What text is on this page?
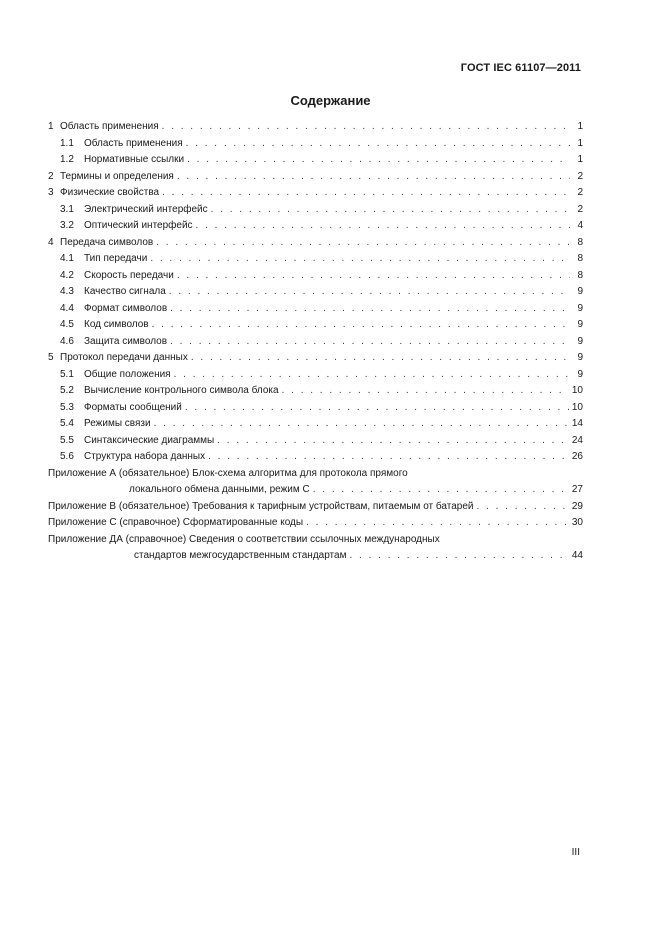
ГОСТ IEC 61107—2011
Содержание
1 Область применения . . .	1
1.1	Область применения . . .	1
1.2	Нормативные ссылки . . .	1
2 Термины и определения . . .	2
3 Физические свойства . . .	2
3.1	Электрический интерфейс . . .	2
3.2	Оптический интерфейс . . .	4
4 Передача символов . . .	8
4.1	Тип передачи . . .	8
4.2	Скорость передачи . . .	8
4.3	Качество сигнала . . .	9
4.4	Формат символов . . .	9
4.5	Код символов . . .	9
4.6	Защита символов . . .	9
5 Протокол передачи данных . . .	9
5.1	Общие положения . . .	9
5.2	Вычисление контрольного символа блока . . .	10
5.3	Форматы сообщений . . .	10
5.4	Режимы связи . . .	14
5.5	Синтаксические диаграммы . . .	24
5.6	Структура набора данных . . .	26
Приложение А (обязательное) Блок-схема алгоритма для протокола прямого
локального обмена данными, режим С . . .	27
Приложение В (обязательное) Требования к тарифным устройствам, питаемым от батарей . . .	29
Приложение С (справочное) Сформатированные коды . . .	30
Приложение ДА (справочное) Сведения о соответствии ссылочных международных
стандартов межгосударственным стандартам . . .	44
III
